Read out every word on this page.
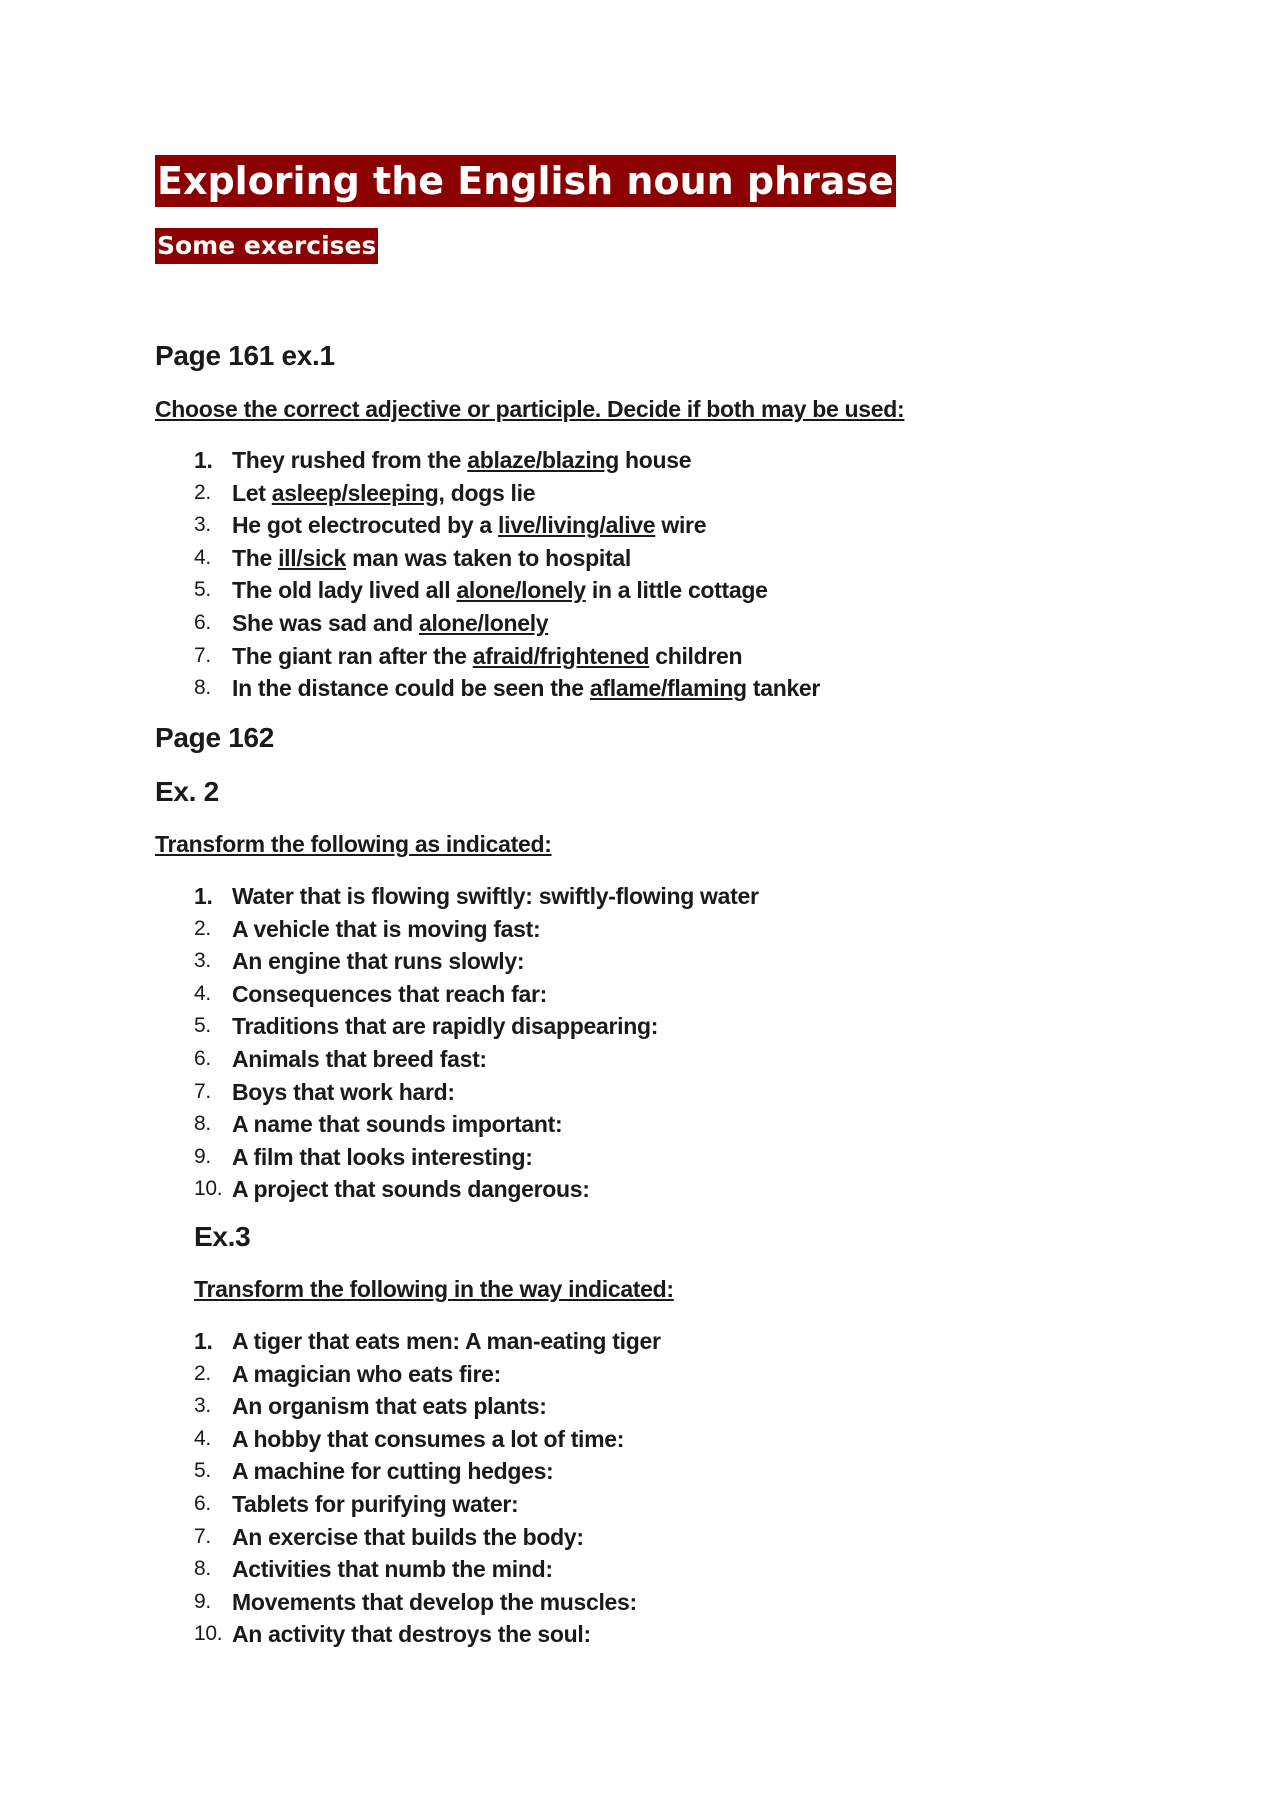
Exploring the English noun phrase
Some exercises
Page 161 ex.1
Choose the correct adjective or participle. Decide if both may be used:
1. They rushed from the ablaze/blazing house
2. Let asleep/sleeping, dogs lie
3. He got electrocuted by a live/living/alive wire
4. The ill/sick man was taken to hospital
5. The old lady lived all alone/lonely in a little cottage
6. She was sad and alone/lonely
7. The giant ran after the afraid/frightened children
8. In the distance could be seen the aflame/flaming tanker
Page 162
Ex. 2
Transform the following as indicated:
1. Water that is flowing swiftly: swiftly-flowing water
2. A vehicle that is moving fast:
3. An engine that runs slowly:
4. Consequences that reach far:
5. Traditions that are rapidly disappearing:
6. Animals that breed fast:
7. Boys that work hard:
8. A name that sounds important:
9. A film that looks interesting:
10. A project that sounds dangerous:
Ex.3
Transform the following in the way indicated:
1. A tiger that eats men: A man-eating tiger
2. A magician who eats fire:
3. An organism that eats plants:
4. A hobby that consumes a lot of time:
5. A machine for cutting hedges:
6. Tablets for purifying water:
7. An exercise that builds the body:
8. Activities that numb the mind:
9. Movements that develop the muscles:
10. An activity that destroys the soul:
